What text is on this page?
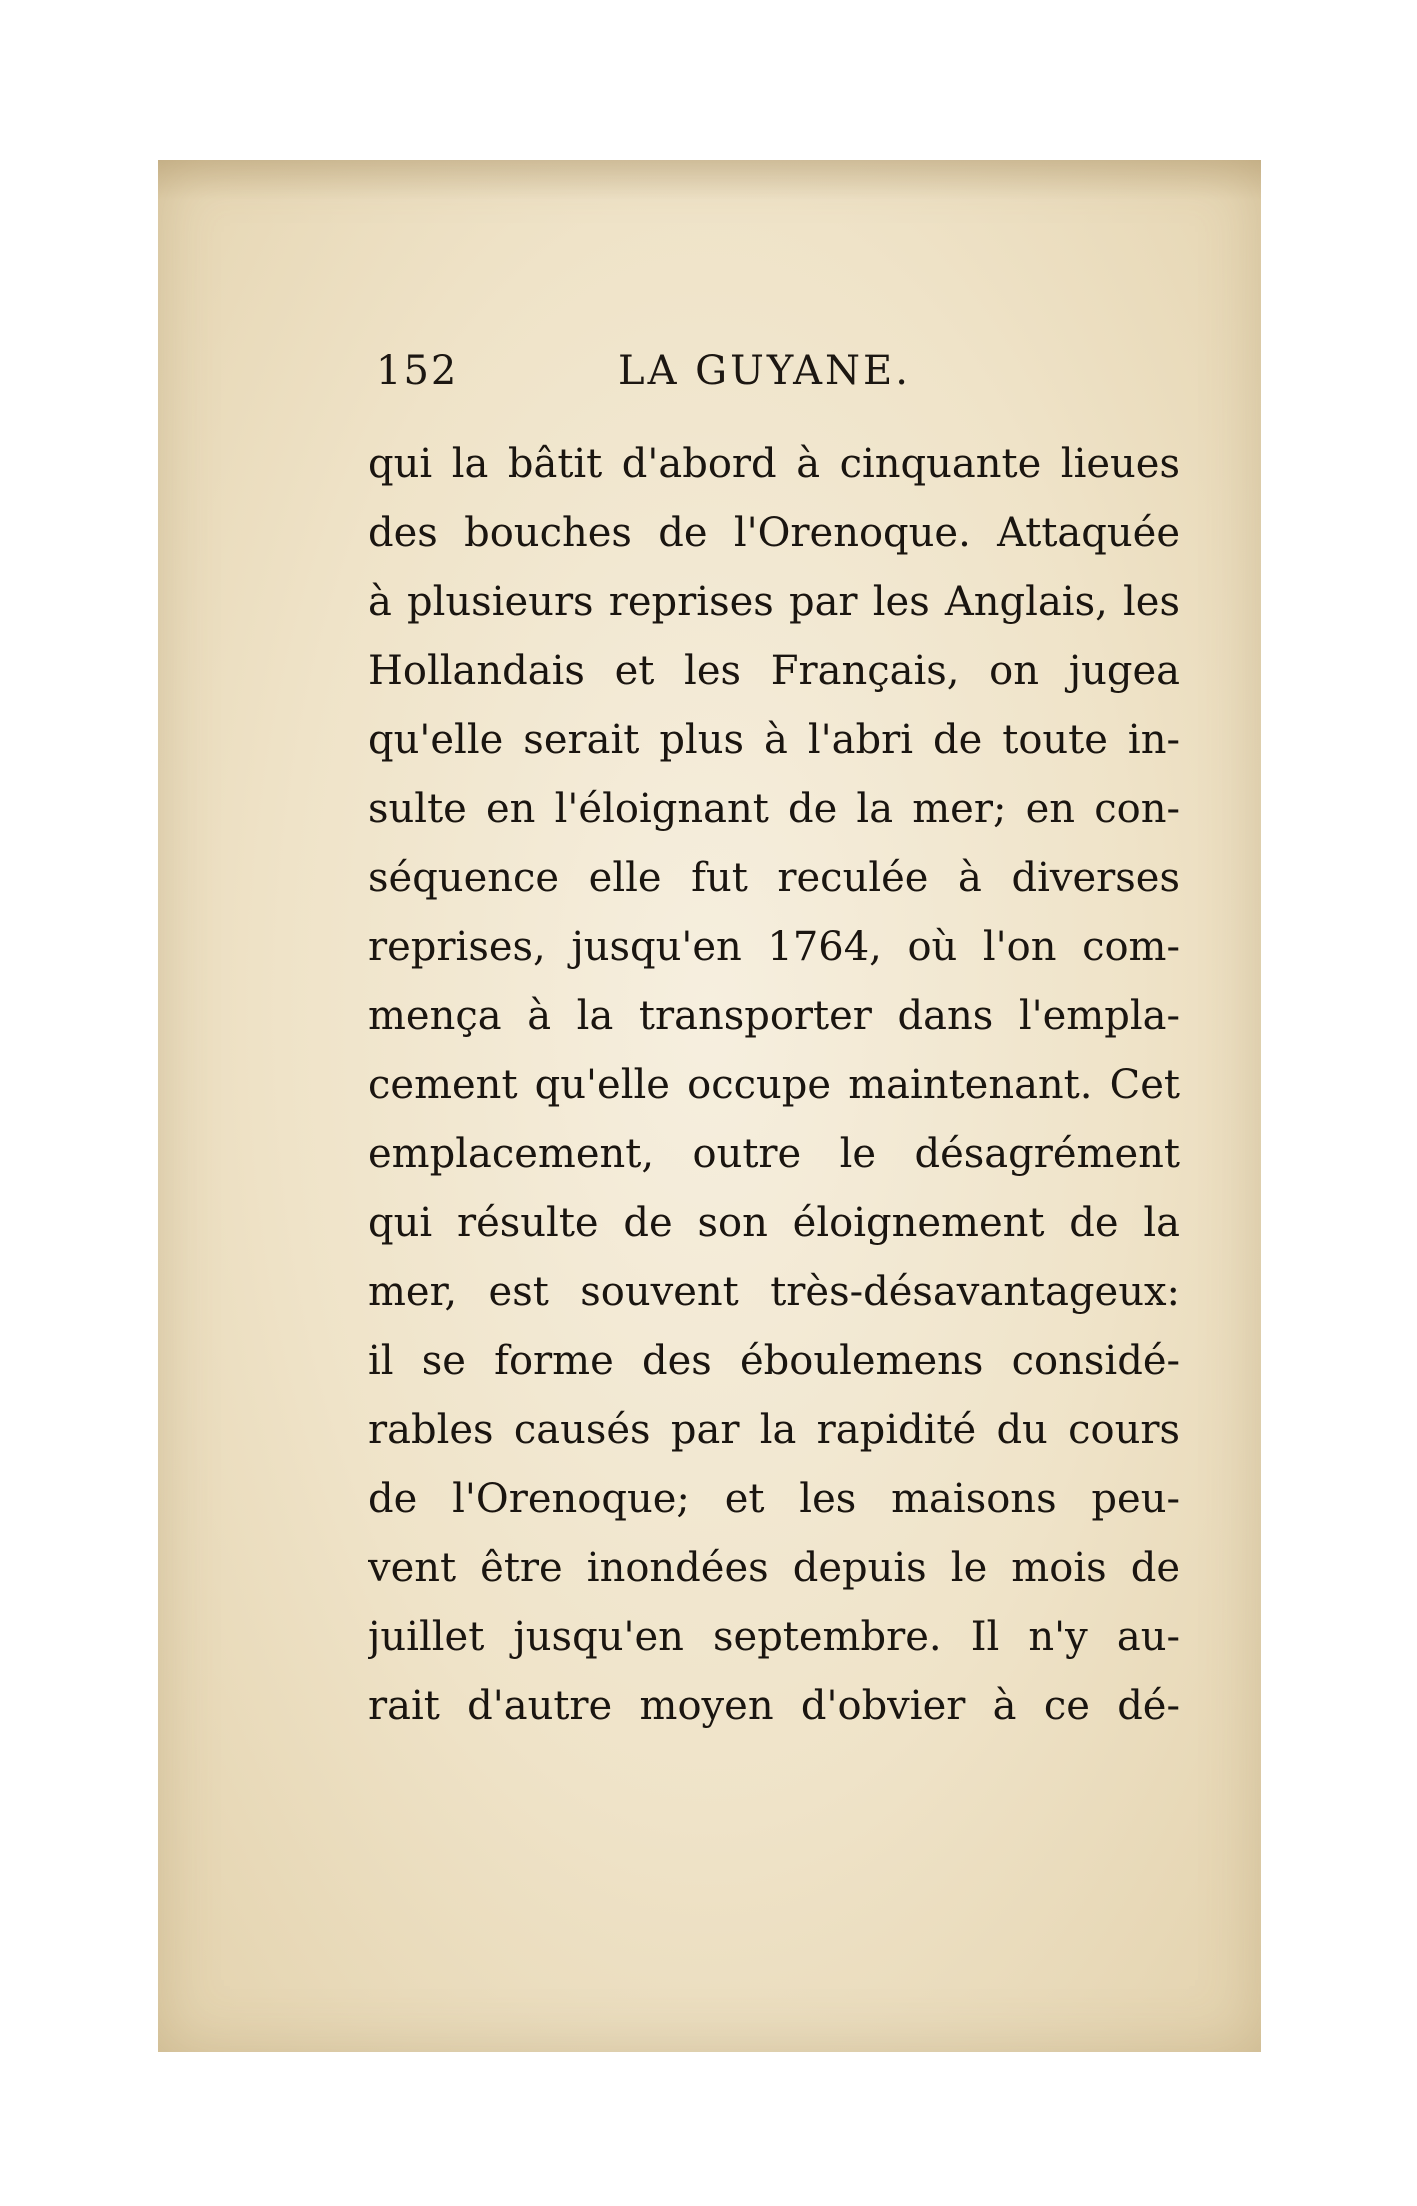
152	LA GUYANE.
qui la bâtit d'abord à cinquante lieues
des bouches de l'Orenoque. Attaquée
à plusieurs reprises par les Anglais, les
Hollandais et les Français, on jugea
qu'elle serait plus à l'abri de toute in-
sulte en l'éloignant de la mer; en con-
séquence elle fut reculée à diverses
reprises, jusqu'en 1764, où l'on com-
mença à la transporter dans l'empla-
cement qu'elle occupe maintenant. Cet
emplacement, outre le désagrément
qui résulte de son éloignement de la
mer, est souvent très-désavantageux:
il se forme des éboulemens considé-
rables causés par la rapidité du cours
de l'Orenoque; et les maisons peu-
vent être inondées depuis le mois de
juillet jusqu'en septembre. Il n'y au-
rait d'autre moyen d'obvier à ce dé-
